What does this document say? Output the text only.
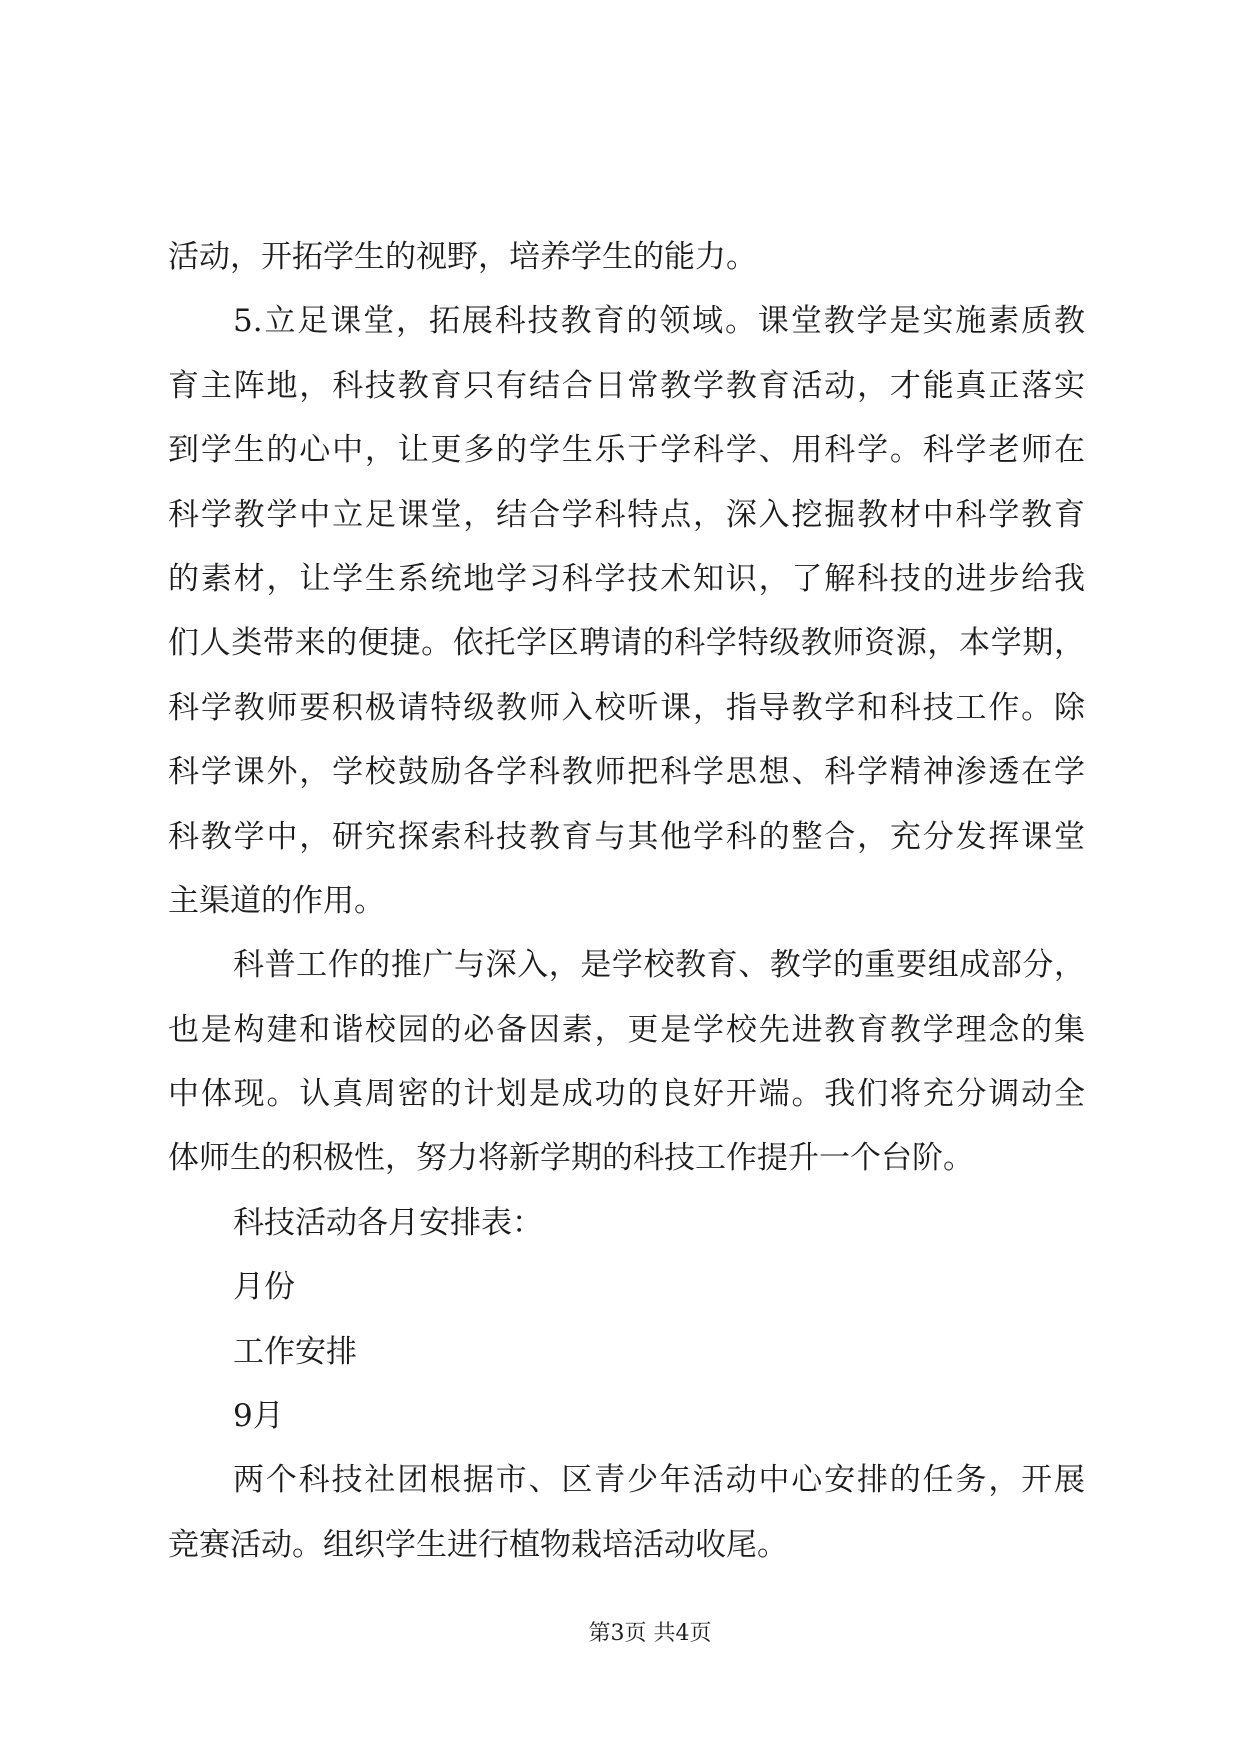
活动，开拓学生的视野，培养学生的能力。
5.立足课堂，拓展科技教育的领域。课堂教学是实施素质教
育主阵地，科技教育只有结合日常教学教育活动，才能真正落实
到学生的心中，让更多的学生乐于学科学、用科学。科学老师在
科学教学中立足课堂，结合学科特点，深入挖掘教材中科学教育
的素材，让学生系统地学习科学技术知识，了解科技的进步给我
们人类带来的便捷。依托学区聘请的科学特级教师资源，本学期，
科学教师要积极请特级教师入校听课，指导教学和科技工作。除
科学课外，学校鼓励各学科教师把科学思想、科学精神渗透在学
科教学中，研究探索科技教育与其他学科的整合，充分发挥课堂
主渠道的作用。
科普工作的推广与深入，是学校教育、教学的重要组成部分，
也是构建和谐校园的必备因素，更是学校先进教育教学理念的集
中体现。认真周密的计划是成功的良好开端。我们将充分调动全
体师生的积极性，努力将新学期的科技工作提升一个台阶。
科技活动各月安排表：
月份
工作安排
9月
两个科技社团根据市、区青少年活动中心安排的任务，开展
竞赛活动。组织学生进行植物栽培活动收尾。
第3页 共4页
